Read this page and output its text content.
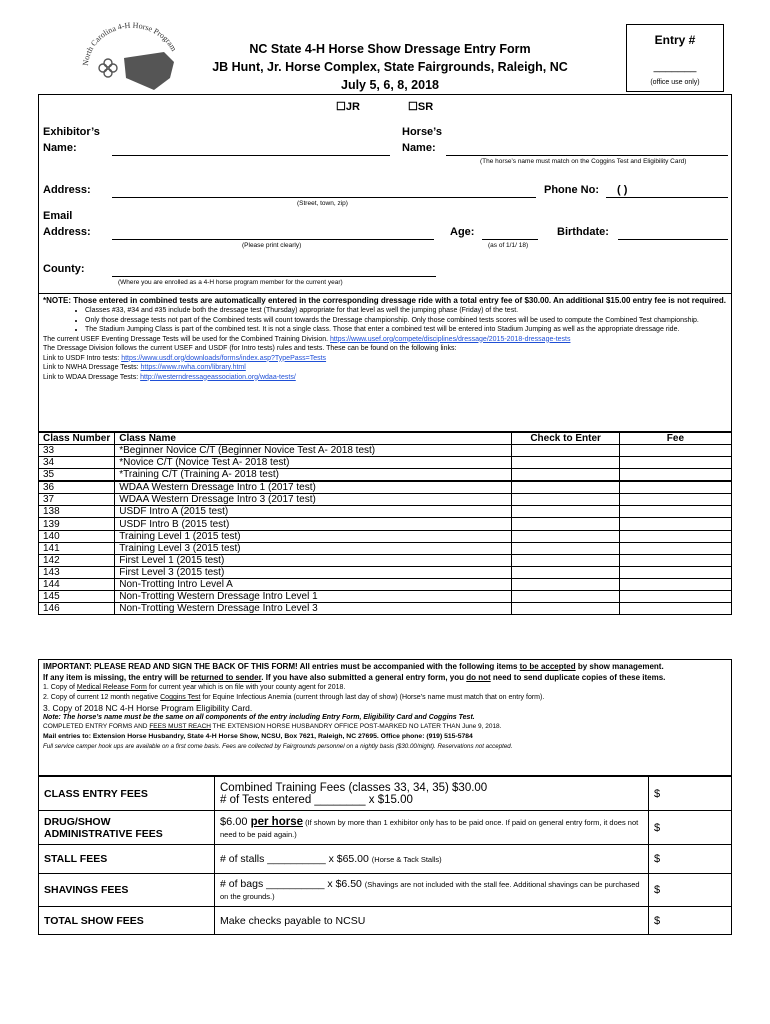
North Carolina 4-H Horse Program	NC State 4-H Horse Show Dressage Entry Form
JB Hunt, Jr. Horse Complex, State Fairgrounds, Raleigh, NC
July 5, 6, 8, 2018
Entry #
_______
(office use only)
☐JR	☐SR
Exhibitor’s
Name:
Horse’s
Name:
(The horse’s name must match on the Coggins Test and Eligibility Card)
Address:
(Street, town, zip)
Phone No: ( )
Email
Address:
(Please print clearly)
Age:
(as of 1/1/ 18)
Birthdate:
County:
(Where you are enrolled as a 4-H horse program member for the current year)
*NOTE: Those entered in combined tests are automatically entered in the corresponding dressage ride with a total entry fee of $30.00. An additional $15.00 entry fee is not required.
• Classes #33, #34 and #35 include both the dressage test (Thursday) appropriate for that level as well the jumping phase (Friday) of the test.
• Only those dressage tests not part of the Combined tests will count towards the Dressage championship. Only those combined tests scores will be used to compute the Combined Test championship.
• The Stadium Jumping Class is part of the combined test. It is not a single class. Those that enter a combined test will be entered into Stadium Jumping as well as the appropriate dressage ride.
The current USEF Eventing Dressage Tests will be used for the Combined Training Division. https://www.usef.org/compete/disciplines/dressage/2015-2018-dressage-tests
The Dressage Division follows the current USEF and USDF (for Intro tests) rules and tests. These can be found on the following links:
Link to USDF Intro tests: https://www.usdf.org/downloads/forms/index.asp?TypePass=Tests
Link to NWHA Dressage Tests: https://www.nwha.com/library.html
Link to WDAA Dressage Tests: http://westerndressageassociation.org/wdaa-tests/
Class Number	Class Name	Check to Enter	Fee
33	*Beginner Novice C/T (Beginner Novice Test A- 2018 test)		
34	*Novice C/T (Novice Test A- 2018 test)		
35	*Training C/T (Training A- 2018 test)		
36	WDAA Western Dressage Intro 1 (2017 test)		
37	WDAA Western Dressage Intro 3 (2017 test)		
138	USDF Intro A (2015 test)		
139	USDF Intro B (2015 test)		
140	Training Level 1 (2015 test)		
141	Training Level 3 (2015 test)		
142	First Level 1 (2015 test)		
143	First Level 3 (2015 test)		
144	Non-Trotting Intro Level A		
145	Non-Trotting Western Dressage Intro Level 1		
146	Non-Trotting Western Dressage Intro Level 3		
IMPORTANT: PLEASE READ AND SIGN THE BACK OF THIS FORM! All entries must be accompanied with the following items to be accepted by show management.
If any item is missing, the entry will be returned to sender. If you have also submitted a general entry form, you do not need to send duplicate copies of these items.
1. Copy of Medical Release Form for current year which is on file with your county agent for 2018.
2. Copy of current 12 month negative Coggins Test for Equine Infectious Anemia (current through last day of show) (Horse’s name must match that on entry form).
3. Copy of 2018 NC 4-H Horse Program Eligibility Card.
Note: The horse’s name must be the same on all components of the entry including Entry Form, Eligibility Card and Coggins Test.
COMPLETED ENTRY FORMS AND FEES MUST REACH THE EXTENSION HORSE HUSBANDRY OFFICE POST-MARKED NO LATER THAN June 9, 2018.
Mail entries to: Extension Horse Husbandry, State 4-H Horse Show, NCSU, Box 7621, Raleigh, NC 27695. Office phone: (919) 515-5784
Full service camper hook ups are available on a first come basis. Fees are collected by Fairgrounds personnel on a nightly basis ($30.00/night). Reservations not accepted.
CLASS ENTRY FEES	Combined Training Fees (classes 33, 34, 35) $30.00
# of Tests entered ________ x $15.00	$

DRUG/SHOW
ADMINISTRATIVE FEES	$6.00 per horse (If shown by more than 1 exhibitor only has to be paid once. If paid on general entry form, it does not need to be paid again.)	$
STALL FEES	# of stalls __________ x $65.00 (Horse & Tack Stalls)	$
SHAVINGS FEES	# of bags __________ x $6.50 (Shavings are not included with the stall fee. Additional shavings can be purchased on the grounds.)	$
TOTAL SHOW FEES	Make checks payable to NCSU	$
